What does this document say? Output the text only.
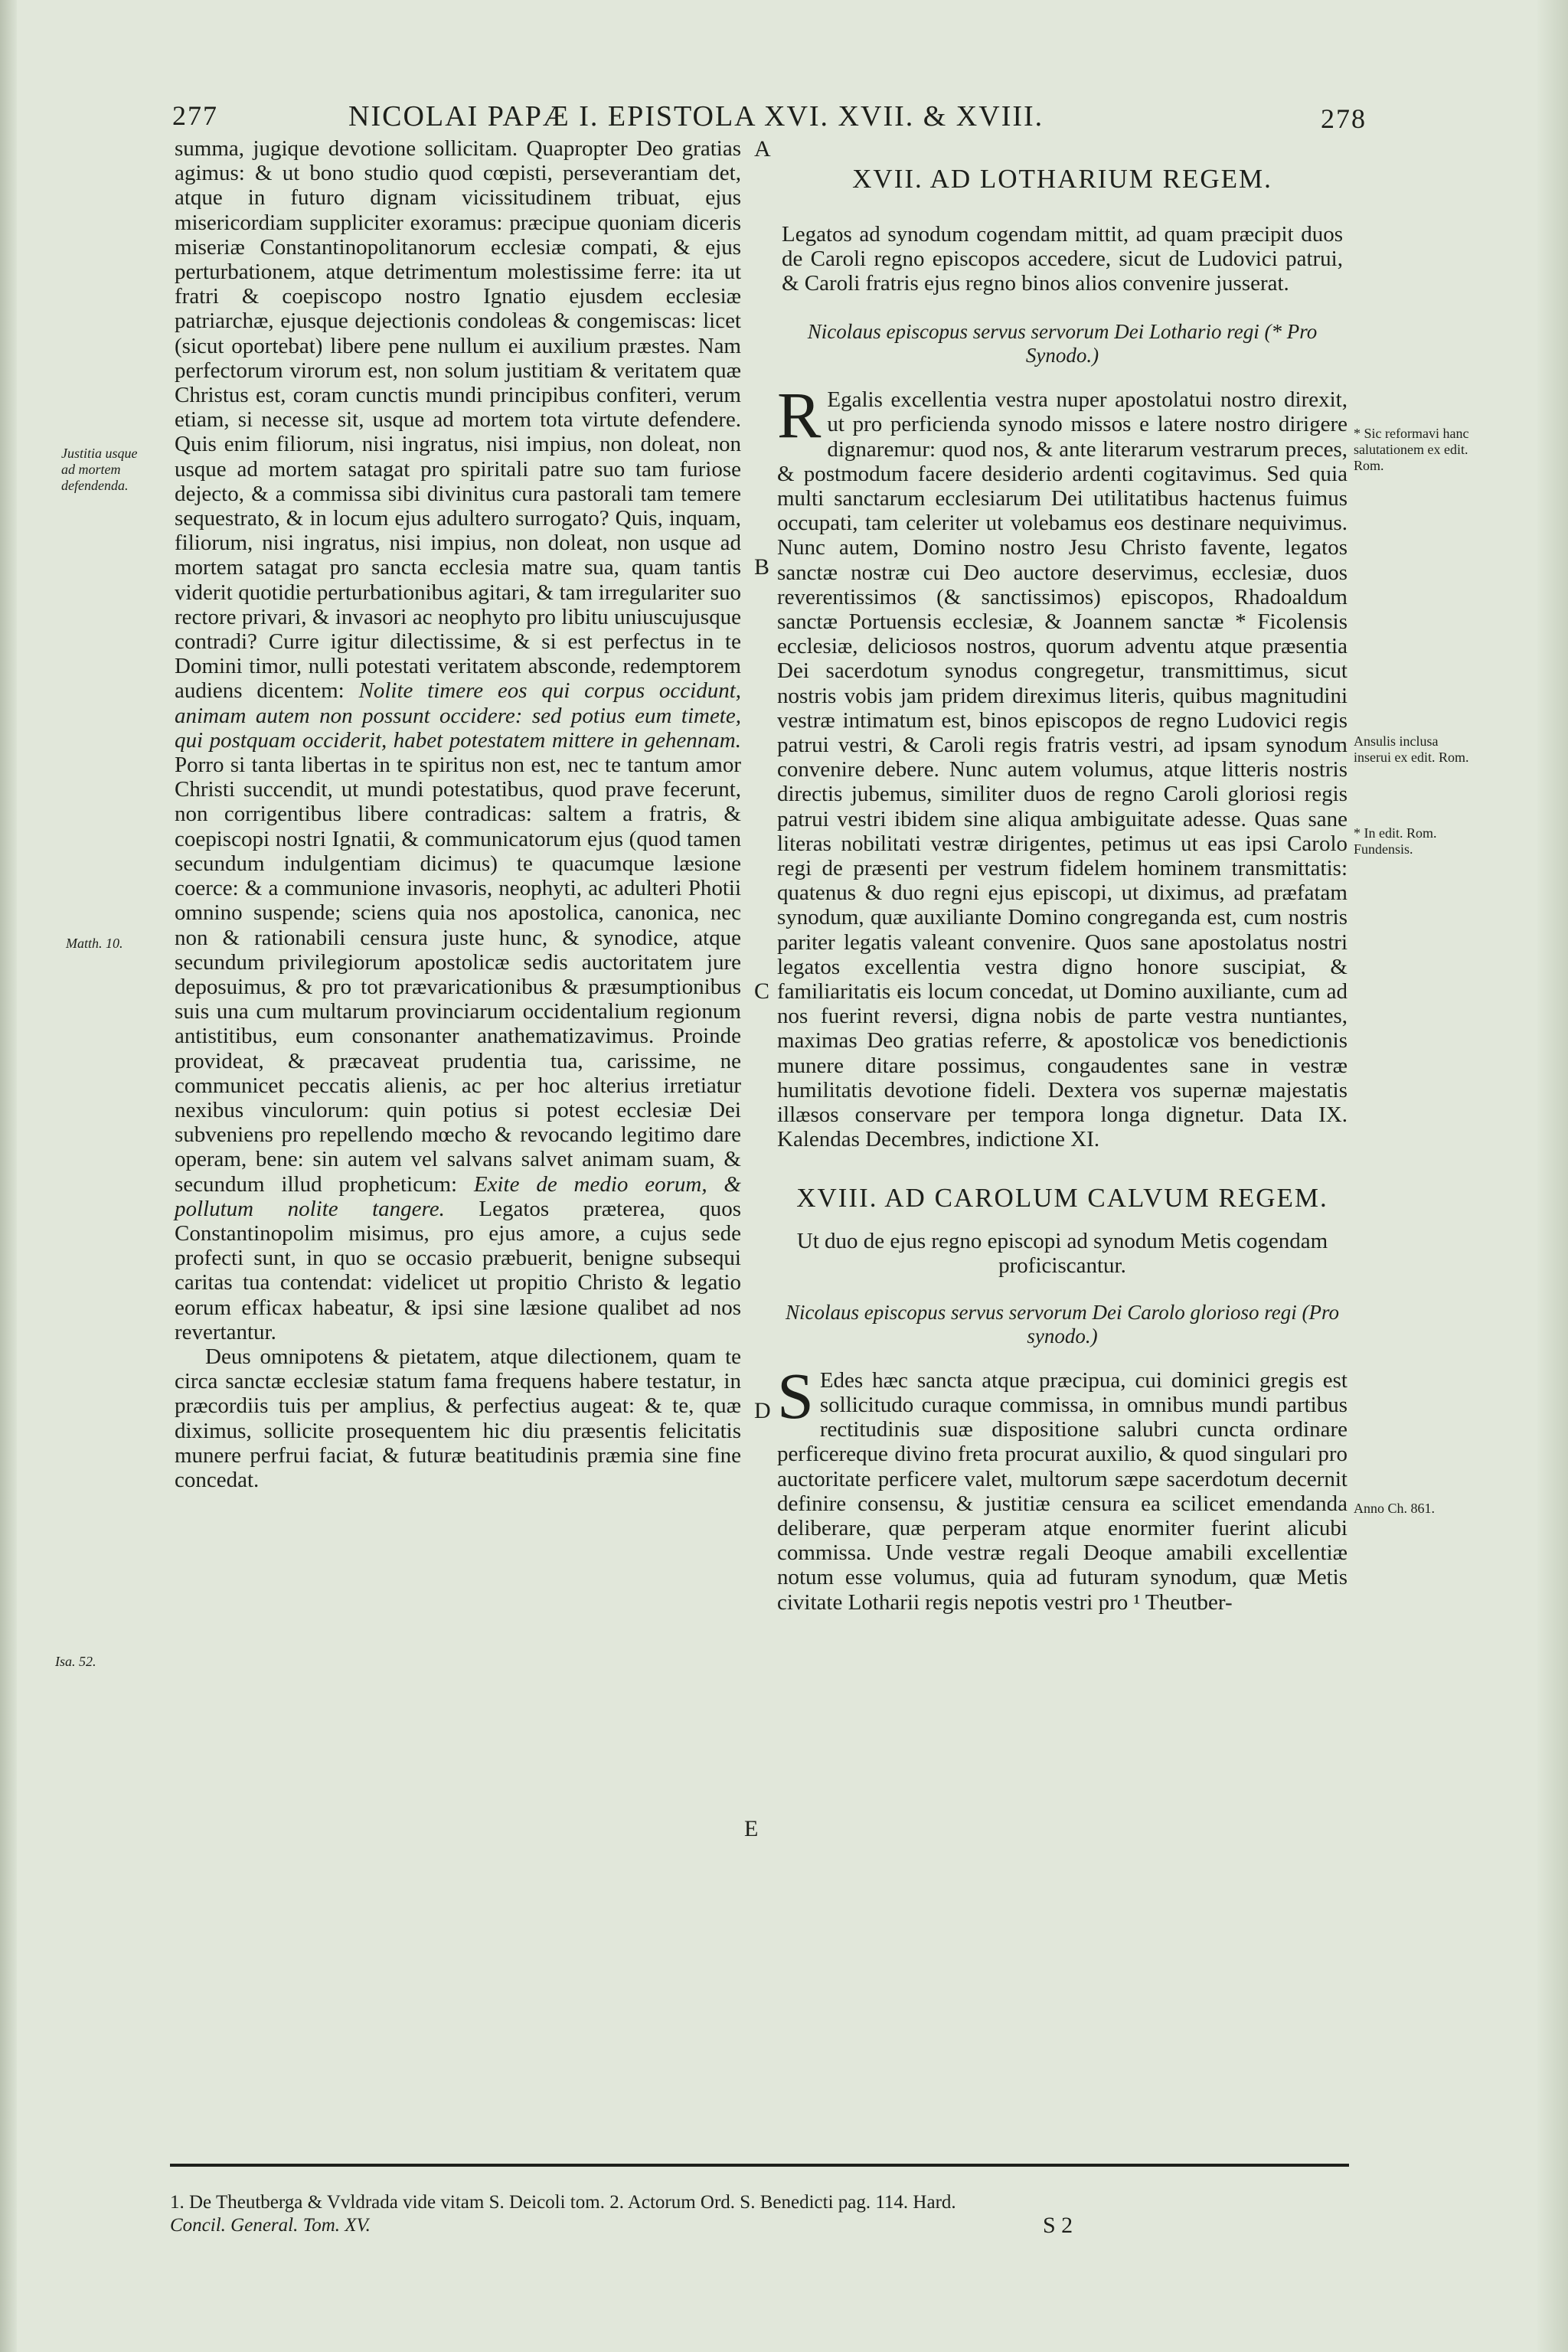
277	NICOLAI PAPÆ I. EPISTOLA XVI. XVII. & XVIII.	278

summa, jugique devotione sollicitam. Quapropter Deo gratias agimus: & ut bono studio quod cœpisti, perseverantiam det, atque in futuro dignam vicissitudinem tribuat, ejus misericordiam suppliciter exoramus: præcipue quoniam diceris miseriæ Constantinopolitanorum ecclesiæ compati, & ejus perturbationem, atque detrimentum molestissime ferre: ita ut fratri & coepiscopo nostro Ignatio ejusdem ecclesiæ patriarchæ, ejusque dejectionis condoleas & congemiscas: licet (sicut oportebat) libere pene nullum ei auxilium præstes. Nam perfectorum virorum est, non solum justitiam & veritatem quæ Christus est, coram cunctis mundi principibus confiteri, verum etiam, si necesse sit, usque ad mortem tota virtute defendere. Quis enim filiorum, nisi ingratus, nisi impius, non doleat, non usque ad mortem satagat pro spiritali patre suo tam furiose dejecto, & a commissa sibi divinitus cura pastorali tam temere sequestrato, & in locum ejus adultero surrogato? Quis, inquam, filiorum, nisi ingratus, nisi impius, non doleat, non usque ad mortem satagat pro sancta ecclesia matre sua, quam tantis viderit quotidie perturbationibus agitari, & tam irregulariter suo rectore privari, & invasori ac neophyto pro libitu uniuscujusque contradi? Curre igitur dilectissime, & si est perfectus in te Domini timor, nulli potestati veritatem absconde, redemptorem audiens dicentem: Nolite timere eos qui corpus occidunt, animam autem non possunt occidere: sed potius eum timete, qui postquam occiderit, habet potestatem mittere in gehennam. Porro si tanta libertas in te spiritus non est, nec te tantum amor Christi succendit, ut mundi potestatibus, quod prave fecerunt, non corrigentibus libere contradicas: saltem a fratris, & coepiscopi nostri Ignatii, & communicatorum ejus (quod tamen secundum indulgentiam dicimus) te quacumque læsione coerce: & a communione invasoris, neophyti, ac adulteri Photii omnino suspende; sciens quia nos apostolica, canonica, nec non & rationabili censura juste hunc, & synodice, atque secundum privilegiorum apostolicæ sedis auctoritatem jure deposuimus, & pro tot prævaricationibus & præsumptionibus suis una cum multarum provinciarum occidentalium regionum antistitibus, eum consonanter anathematizavimus. Proinde provideat, & præcaveat prudentia tua, carissime, ne communicet peccatis alienis, ac per hoc alterius irretiatur nexibus vinculorum: quin potius si potest ecclesiæ Dei subveniens pro repellendo mœcho & revocando legitimo dare operam, bene: sin autem vel salvans salvet animam suam, & secundum illud propheticum: Exite de medio eorum, & pollutum nolite tangere. Legatos præterea, quos Constantinopolim misimus, pro ejus amore, a cujus sede profecti sunt, in quo se occasio præbuerit, benigne subsequi caritas tua contendat: videlicet ut propitio Christo & legatio eorum efficax habeatur, & ipsi sine læsione qualibet ad nos revertantur.

Deus omnipotens & pietatem, atque dilectionem, quam te circa sanctæ ecclesiæ statum fama frequens habere testatur, in præcordiis tuis per amplius, & perfectius augeat: & te, quæ diximus, sollicite prosequentem hic diu præsentis felicitatis munere perfrui faciat, & futuræ beatitudinis præmia sine fine concedat.

XVII. AD LOTHARIUM REGEM.

Legatos ad synodum cogendam mittit, ad quam præcipit duos de Caroli regno episcopos accedere, sicut de Ludovici patrui, & Caroli fratris ejus regno binos alios convenire jusserat.

Nicolaus episcopus servus servorum Dei Lothario regi (* Pro Synodo.)

R Egalis excellentia vestra nuper apostolatui nostro direxit, ut pro perficienda synodo missos e latere nostro dirigere dignaremur: quod nos, & ante literarum vestrarum preces, & postmodum facere desiderio ardenti cogitavimus. Sed quia multi sanctarum ecclesiarum Dei utilitatibus hactenus fuimus occupati, tam celeriter ut volebamus eos destinare nequivimus. Nunc autem, Domino nostro Jesu Christo favente, legatos sanctæ nostræ cui Deo auctore deservimus, ecclesiæ, duos reverentissimos (& sanctissimos) episcopos, Rhadoaldum sanctæ Portuensis ecclesiæ, & Joannem sanctæ * Ficolensis ecclesiæ, deliciosos nostros, quorum adventu atque præsentia Dei sacerdotum synodus congregetur, transmittimus, sicut nostris vobis jam pridem direximus literis, quibus magnitudini vestræ intimatum est, binos episcopos de regno Ludovici regis patrui vestri, & Caroli regis fratris vestri, ad ipsam synodum convenire debere. Nunc autem volumus, atque litteris nostris directis jubemus, similiter duos de regno Caroli gloriosi regis patrui vestri ibidem sine aliqua ambiguitate adesse. Quas sane literas nobilitati vestræ dirigentes, petimus ut eas ipsi Carolo regi de præsenti per vestrum fidelem hominem transmittatis: quatenus & duo regni ejus episcopi, ut diximus, ad præfatam synodum, quæ auxiliante Domino congreganda est, cum nostris pariter legatis valeant convenire. Quos sane apostolatus nostri legatos excellentia vestra digno honore suscipiat, & familiaritatis eis locum concedat, ut Domino auxiliante, cum ad nos fuerint reversi, digna nobis de parte vestra nuntiantes, maximas Deo gratias referre, & apostolicæ vos benedictionis munere ditare possimus, congaudentes sane in vestræ humilitatis devotione fideli. Dextera vos supernæ majestatis illæsos conservare per tempora longa dignetur. Data IX. Kalendas Decembres, indictione XI.

XVIII. AD CAROLUM CALVUM REGEM.

Ut duo de ejus regno episcopi ad synodum Metis cogendam proficiscantur.

Nicolaus episcopus servus servorum Dei Carolo glorioso regi (Pro synodo.)

S Edes hæc sancta atque præcipua, cui dominici gregis est sollicitudo curaque commissa, in omnibus mundi partibus rectitudinis suæ dispositione salubri cuncta ordinare perficereque divino freta procurat auxilio, & quod singulari pro auctoritate perficere valet, multorum sæpe sacerdotum decernit definire consensu, & justitiæ censura ea scilicet emendanda deliberare, quæ perperam atque enormiter fuerint alicubi commissa. Unde vestræ regali Deoque amabili excellentiæ notum esse volumus, quia ad futuram synodum, quæ Metis civitate Lotharii regis nepotis vestri pro ¹ Theutber-

Justitia usque ad mortem defendenda.
Matth. 10.
Isa. 52.
* Sic reformavi hanc salutationem ex edit. Rom.
Ansulis inclusa inserui ex edit. Rom.
* In edit. Rom. Fundensis.
Anno Ch. 861.
A
B
C
D
E
1. De Theutberga & Vvldrada vide vitam S. Deicoli tom. 2. Actorum Ord. S. Benedicti pag. 114. Hard.
Concil. General. Tom. XV.	S 2
